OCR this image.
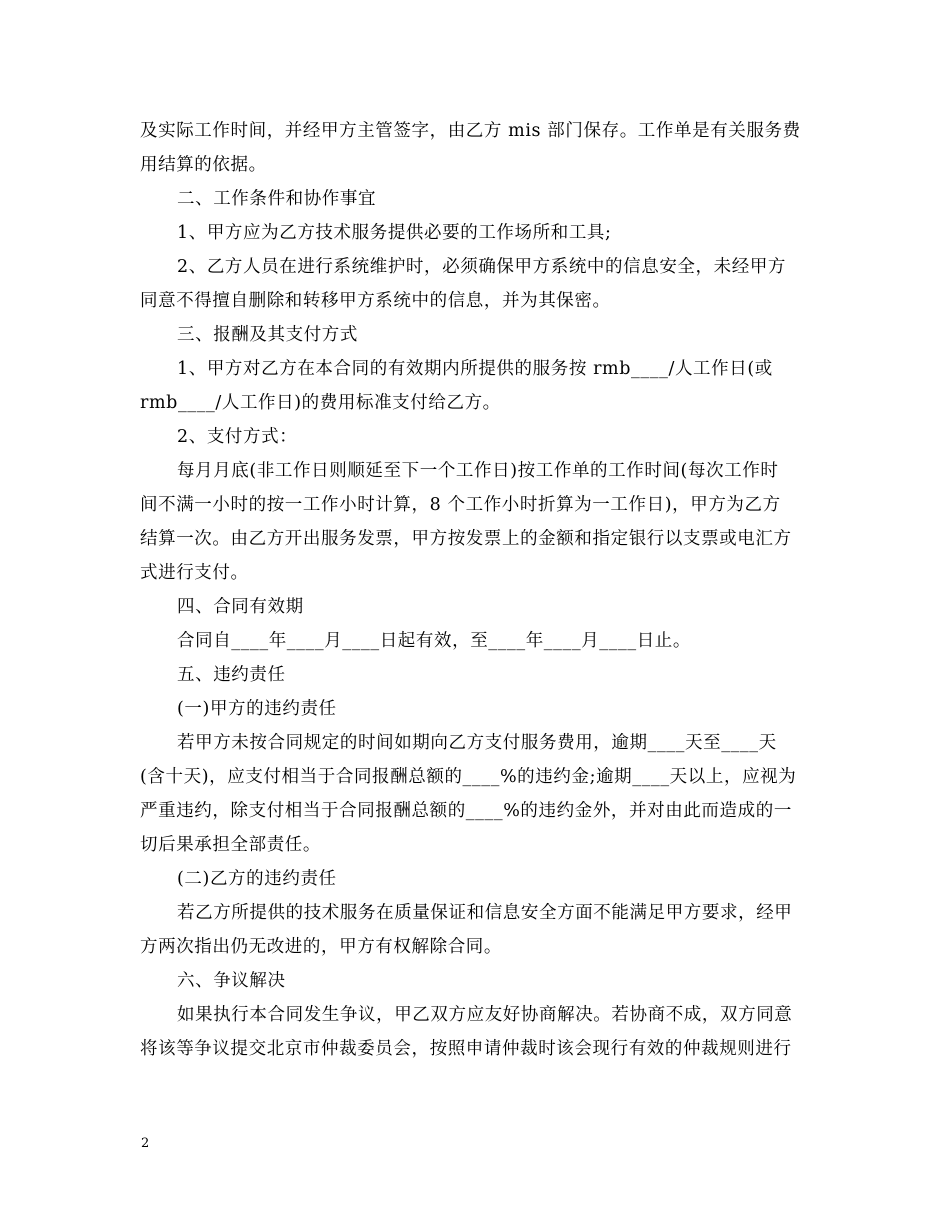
及实际工作时间，并经甲方主管签字，由乙方 mis 部门保存。工作单是有关服务费
用结算的依据。
二、工作条件和协作事宜
1、甲方应为乙方技术服务提供必要的工作场所和工具;
2、乙方人员在进行系统维护时，必须确保甲方系统中的信息安全，未经甲方
同意不得擅自删除和转移甲方系统中的信息，并为其保密。
三、报酬及其支付方式
1、甲方对乙方在本合同的有效期内所提供的服务按 rmb____/人工作日(或
rmb____/人工作日)的费用标准支付给乙方。
2、支付方式：
每月月底(非工作日则顺延至下一个工作日)按工作单的工作时间(每次工作时
间不满一小时的按一工作小时计算，8 个工作小时折算为一工作日)，甲方为乙方
结算一次。由乙方开出服务发票，甲方按发票上的金额和指定银行以支票或电汇方
式进行支付。
四、合同有效期
合同自____年____月____日起有效，至____年____月____日止。
五、违约责任
(一)甲方的违约责任
若甲方未按合同规定的时间如期向乙方支付服务费用，逾期____天至____天
(含十天)，应支付相当于合同报酬总额的____%的违约金;逾期____天以上，应视为
严重违约，除支付相当于合同报酬总额的____%的违约金外，并对由此而造成的一
切后果承担全部责任。
(二)乙方的违约责任
若乙方所提供的技术服务在质量保证和信息安全方面不能满足甲方要求，经甲
方两次指出仍无改进的，甲方有权解除合同。
六、争议解决
如果执行本合同发生争议，甲乙双方应友好协商解决。若协商不成，双方同意
将该等争议提交北京市仲裁委员会，按照申请仲裁时该会现行有效的仲裁规则进行
2
